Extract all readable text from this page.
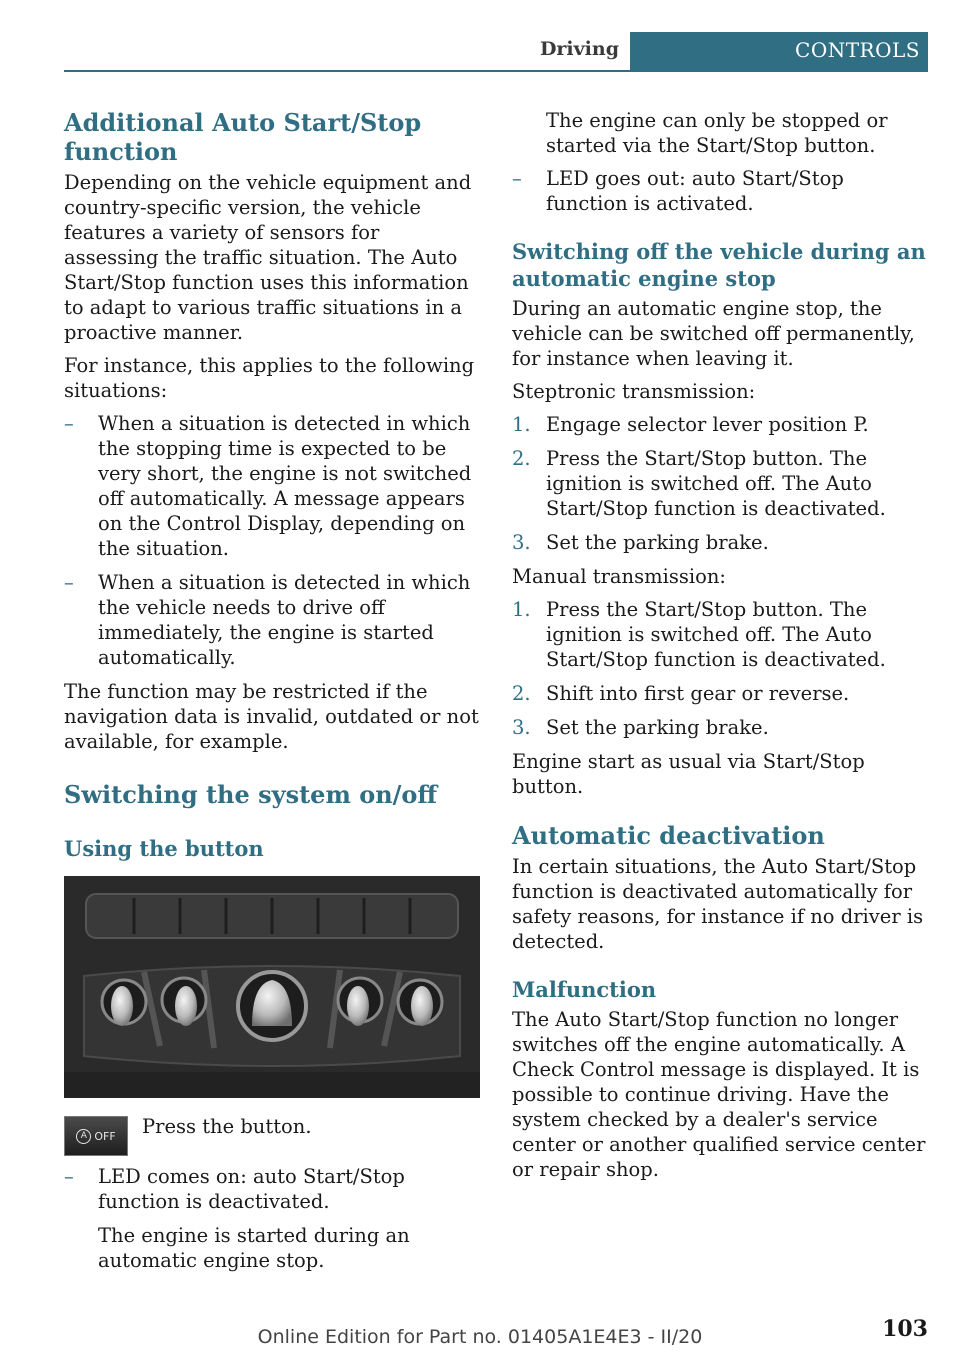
Driving	CONTROLS
Additional Auto Start/Stop function

Depending on the vehicle equipment and country-specific version, the vehicle features a variety of sensors for assessing the traffic situation. The Auto Start/Stop function uses this information to adapt to various traffic situations in a proactive manner.

For instance, this applies to the following situations:

– When a situation is detected in which the stopping time is expected to be very short, the engine is not switched off automatically. A message appears on the Control Display, depending on the situation.
– When a situation is detected in which the vehicle needs to drive off immediately, the engine is started automatically.

The function may be restricted if the navigation data is invalid, outdated or not available, for example.

Switching the system on/off
Using the button
A OFF Press the button.

– LED comes on: auto Start/Stop function is deactivated.

The engine is started during an automatic engine stop.

The engine can only be stopped or started via the Start/Stop button.

– LED goes out: auto Start/Stop function is activated.
Switching off the vehicle during an automatic engine stop

During an automatic engine stop, the vehicle can be switched off permanently, for instance when leaving it.

Steptronic transmission:

1. Engage selector lever position P.
2. Press the Start/Stop button. The ignition is switched off. The Auto Start/Stop function is deactivated.
3. Set the parking brake.

Manual transmission:

1. Press the Start/Stop button. The ignition is switched off. The Auto Start/Stop function is deactivated.
2. Shift into first gear or reverse.
3. Set the parking brake.

Engine start as usual via Start/Stop button.

Automatic deactivation

In certain situations, the Auto Start/Stop function is deactivated automatically for safety reasons, for instance if no driver is detected.

Malfunction

The Auto Start/Stop function no longer switches off the engine automatically. A Check Control message is displayed. It is possible to continue driving. Have the system checked by a dealer's service center or another qualified service center or repair shop.

103
Online Edition for Part no. 01405A1E4E3 - II/20
